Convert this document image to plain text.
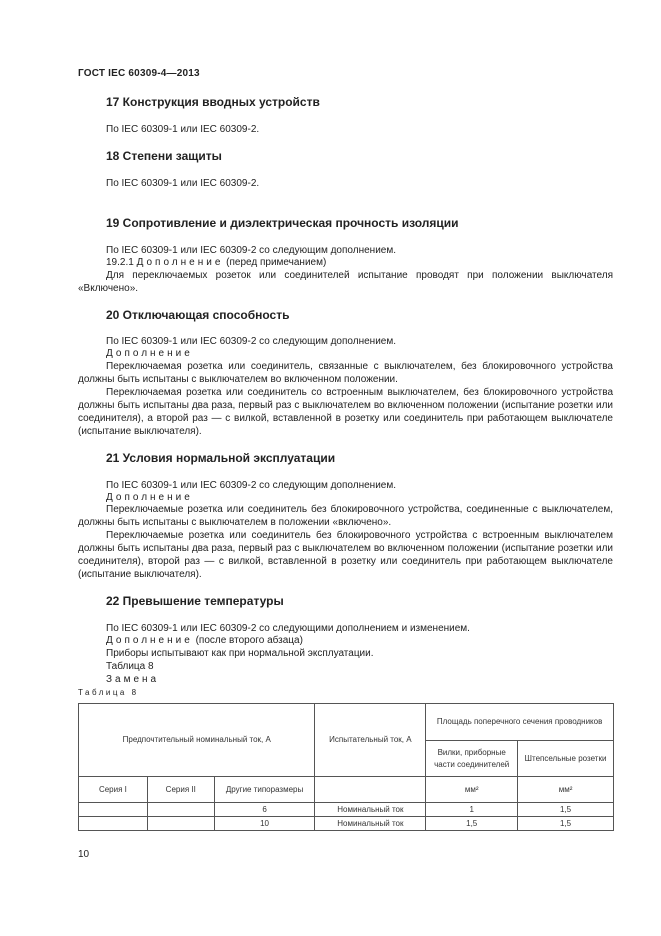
ГОСТ IEC 60309-4—2013
17 Конструкция вводных устройств
По IEC 60309-1 или IEC 60309-2.
18 Степени защиты
По IEC 60309-1 или IEC 60309-2.
19 Сопротивление и диэлектрическая прочность изоляции
По IEC 60309-1 или IEC 60309-2 со следующим дополнением.
19.2.1 Дополнение (перед примечанием)
Для переключаемых розеток или соединителей испытание проводят при положении выключателя «Включено».
20 Отключающая способность
По IEC 60309-1 или IEC 60309-2 со следующим дополнением.
Дополнение
Переключаемая розетка или соединитель, связанные с выключателем, без блокировочного устройства должны быть испытаны с выключателем во включенном положении.
Переключаемая розетка или соединитель со встроенным выключателем, без блокировочного устройства должны быть испытаны два раза, первый раз с выключателем во включенном положении (испытание розетки или соединителя), а второй раз — с вилкой, вставленной в розетку или соединитель при работающем выключателе (испытание выключателя).
21 Условия нормальной эксплуатации
По IEC 60309-1 или IEC 60309-2 со следующим дополнением.
Дополнение
Переключаемые розетка или соединитель без блокировочного устройства, соединенные с выключателем, должны быть испытаны с выключателем в положении «включено».
Переключаемые розетка или соединитель без блокировочного устройства с встроенным выключателем должны быть испытаны два раза, первый раз с выключателем во включенном положении (испытание розетки или соединителя), второй раз — с вилкой, вставленной в розетку или соединитель при работающем выключателе (испытание выключателя).
22 Превышение температуры
По IEC 60309-1 или IEC 60309-2 со следующими дополнением и изменением.
Дополнение (после второго абзаца)
Приборы испытывают как при нормальной эксплуатации.
Таблица 8
Замена
Таблица 8
Предпочтительный номинальный ток, А			Испытательный ток, А	Площадь поперечного сечения проводников	
				Вилки, приборные части соединителей	Штепсельные розетки
Серия I	Серия II	Другие типоразмеры		мм²	мм²
		6	Номинальный ток	1	1,5
		10	Номинальный ток	1,5	1,5
10
